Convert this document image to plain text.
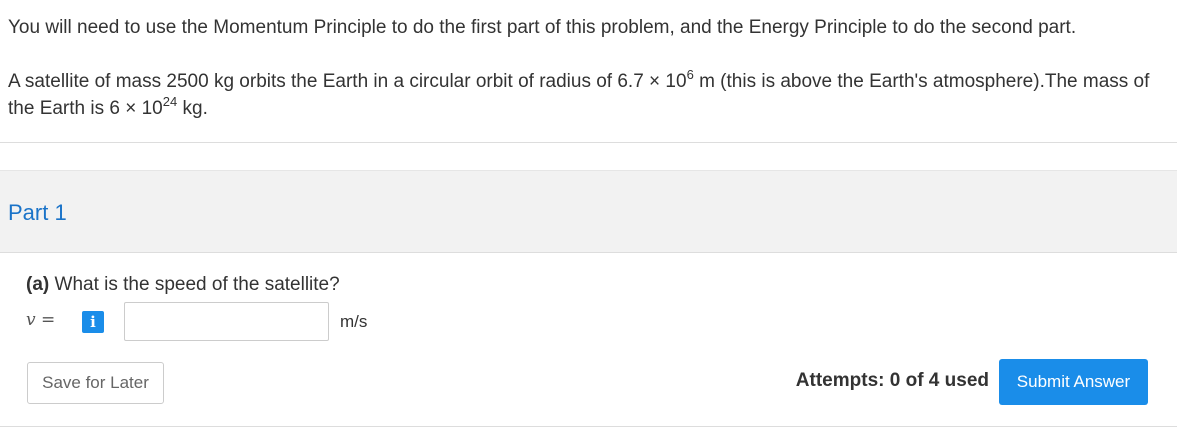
You will need to use the Momentum Principle to do the first part of this problem, and the Energy Principle to do the second part.

A satellite of mass 2500 kg orbits the Earth in a circular orbit of radius of $6.7 \times 10^6$ m (this is above the Earth's atmosphere).The mass of the Earth is $6 \times 10^{24}$ kg.

Part 1
(a) What is the speed of the satellite?
v =	i	m/s
Save for Later	Attempts: 0 of 4 used	Submit Answer
